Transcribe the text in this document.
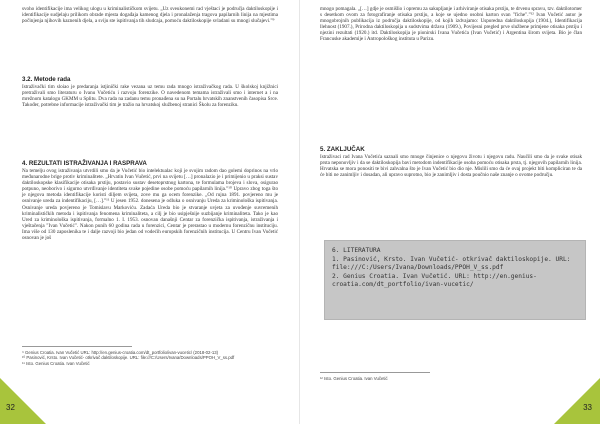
svoho identifikacije ima velikog ulogu u kriminalističkom svijetu. „Uz sveukonemi rad vještaci je područja daktiloskopije i identifikacije sudjelaju prilikom obrade mjesta događaja kamenog djela i pronalaženja tragova papilarnih linija na mjestima počinjenja njihovih kaznenih djela, a sviju ste ispitivanja tih sludcaja, pomoću daktiloskopije svladani su mnogi slučajevi.”⁹

3.2. Metode rada

Istraživački tim sloiao je predaranja istjinički rake vezana uz temu rada mnogo istraživačkog rada. U školskoj knjižnici pretraživali smo literaturu o Ivanu Vučetiću i razvoju forenzike. O navedenom temama istraživali smo i internet a i na mrežnom katalogu GKMM u Splitu. Dva rada na zadanu temu pronađena su na Portalu hrvatskih znanstvenih časopisa Srce. Također, potrebne informacije istraživački tim je tražio na hrvatskoj službenoj stranici Školu za forenziku.

4. REZULTATI ISTRAŽIVANJA I RASPRAVA

Na temelju ovog istraživanja utvrdili smo da je Vučetić bio intelektualac koji je svojim radom dao golemi doprinos na vrlo međunarodne brige protiv kriminalitete. „Hrvatin Ivan Vučetić, prvi na svijetu […] pronalazio je i primijenio u praksi sustav daktiloskopske klasifikacije otisaka prstiju, postavio sustav desetoprstnog kartona, te formulama brojeva i slova, osigurao potpuno, neoborivo i sigurno utvrđivanje identiteta svake pojedine osobe pomoću papilarnih linija.”¹⁰ Upravo zbog toga što je njegova metoda identifikacije koristi diljem svijeta, zove mu ga ocem forenzike. „Od rujna 1891. povjereno mu je osnivanje ureda za indentifikaciju, […].”¹¹ U jesen 1952. donesena je odluka o osnivanju Ureda za kriminološka ispitivanja. Osnivanje ureda povjereno je Tomislavu Markoviću. Zadaća Ureda bio je stvaranje uvjeta za uvođenje suvremenih kriminalističkih metoda i ispitivanja fenomena kriminaliteta, a cilj je bio usipješnije suzbijanje kriminaliteta. Tako je kao Ured za kriminološka ispitivanja, formalno 1. I. 1953. osnovan današnji Centar za forenzička ispitivanja, istraživanja i vještačenja "Ivan Vučetić". Nakon punih 60 godina rada u forenzici, Centar je prerastao u modernu forenzičnu instituciju. Ima više od 130 zaposlenika te i dalje razvoji bio jedan od vodećih europskih forenzičnih institucija. U Centru Ivan Vučetić osnovan je još

⁹ Genius Croatia. Ivan Vučetić URL: http://en.genius-croatia.com/dt_portfolio/ivan-vucetic/ (2018-02-13)
¹⁰ Pasinović, Krsto. Ivan Vučetić- otkrivač daktiloskopije. URL: file:///C:/Users/Ivana/Downloads/PPOH_V_ss.pdf
¹¹ Isto. Genius Croatia. Ivan Vučetić
32

mnogo pomagala. „[…] gdje je osmišlio i opremu za sakupljanje i arhiviranje otisaka prstiju, te drvenu spravu, tzv. daktilotomer s desetkom ovom za fotografiranje otisaka prstiju, a koje se ujedno osobni karton svan "fiche".”¹² Ivan Vučetić autor je mnogobrojnih publikacija iz područja daktiloskopije, od kojih izdvajamo: Usporedna daktiloskopija (1904.), Identifikacija llehnost (1907.), Prirodna daktiloskopija u sudstvima država (1909.), Povijesni pregled prve službene primjene otisaka prstiju i njezini rezultati (1920.) itd. Daktiloskopija je pionirski Ivana Vučetića (Ivan Vučetić) i Argentina širom svijeta. Bio je član Francuske akademije i Antropološkog instituta u Parizu.

5. ZAKLJUČAK

Istraživaci rad Ivana Vučetića saznali smo mnoge činjenice o njegovu životu i njegovu radu. Naučili smo da je svake otisak prsta neponovljiv i da se daktiloskopija bavi metodom indentifikacije osoba pomoću otisaka prsta, tj. njegovih papilarnih linija. Hrvatska se mora ponositi te bivi zahvalna što je Ivan Vučetić bio dio nje. Mislili smo da će ovaj projekt biti kompliciran te da će biti ne zanimljiv i dosadan, ali upravo suprotno, bio je zanimljiv i dosta poučnio naše znanje o ovome području.

¹² Isto. Genius Croatia. Ivan Vučetić
33
6. LITERATURA
1. Pasinović, Krsto. Ivan Vučetić- otkrivač daktiloskopije. URL: file:///C:/Users/Ivana/Downloads/PPOH_V_ss.pdf
2. Genius Croatia. Ivan Vučetić. URL: http://en.genius-croatia.com/dt_portfolio/ivan-vucetic/
